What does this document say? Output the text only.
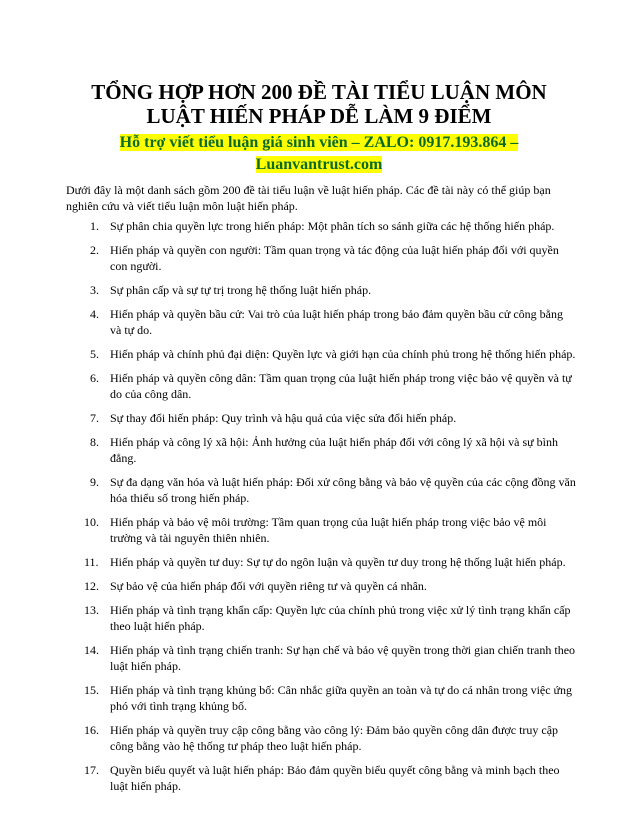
TỔNG HỢP HƠN 200 ĐỀ TÀI TIỂU LUẬN MÔN LUẬT HIẾN PHÁP DỄ LÀM 9 ĐIỂM

Hỗ trợ viết tiểu luận giá sinh viên – ZALO: 0917.193.864 – Luanvantrust.com

Dưới đây là một danh sách gồm 200 đề tài tiểu luận về luật hiến pháp. Các đề tài này có thể giúp bạn nghiên cứu và viết tiểu luận môn luật hiến pháp.

1. Sự phân chia quyền lực trong hiến pháp: Một phân tích so sánh giữa các hệ thống hiến pháp.
2. Hiến pháp và quyền con người: Tầm quan trọng và tác động của luật hiến pháp đối với quyền con người.
3. Sự phân cấp và sự tự trị trong hệ thống luật hiến pháp.
4. Hiến pháp và quyền bầu cử: Vai trò của luật hiến pháp trong bảo đảm quyền bầu cử công bằng và tự do.
5. Hiến pháp và chính phủ đại diện: Quyền lực và giới hạn của chính phủ trong hệ thống hiến pháp.
6. Hiến pháp và quyền công dân: Tầm quan trọng của luật hiến pháp trong việc bảo vệ quyền và tự do của công dân.
7. Sự thay đổi hiến pháp: Quy trình và hậu quả của việc sửa đổi hiến pháp.
8. Hiến pháp và công lý xã hội: Ảnh hưởng của luật hiến pháp đối với công lý xã hội và sự bình đẳng.
9. Sự đa dạng văn hóa và luật hiến pháp: Đối xử công bằng và bảo vệ quyền của các cộng đồng văn hóa thiểu số trong hiến pháp.
10. Hiến pháp và bảo vệ môi trường: Tầm quan trọng của luật hiến pháp trong việc bảo vệ môi trường và tài nguyên thiên nhiên.
11. Hiến pháp và quyền tư duy: Sự tự do ngôn luận và quyền tư duy trong hệ thống luật hiến pháp.
12. Sự bảo vệ của hiến pháp đối với quyền riêng tư và quyền cá nhân.
13. Hiến pháp và tình trạng khẩn cấp: Quyền lực của chính phủ trong việc xử lý tình trạng khẩn cấp theo luật hiến pháp.
14. Hiến pháp và tình trạng chiến tranh: Sự hạn chế và bảo vệ quyền trong thời gian chiến tranh theo luật hiến pháp.
15. Hiến pháp và tình trạng khủng bố: Cân nhắc giữa quyền an toàn và tự do cá nhân trong việc ứng phó với tình trạng khủng bố.
16. Hiến pháp và quyền truy cập công bằng vào công lý: Đảm bảo quyền công dân được truy cập công bằng vào hệ thống tư pháp theo luật hiến pháp.
17. Quyền biểu quyết và luật hiến pháp: Bảo đảm quyền biểu quyết công bằng và minh bạch theo luật hiến pháp.
